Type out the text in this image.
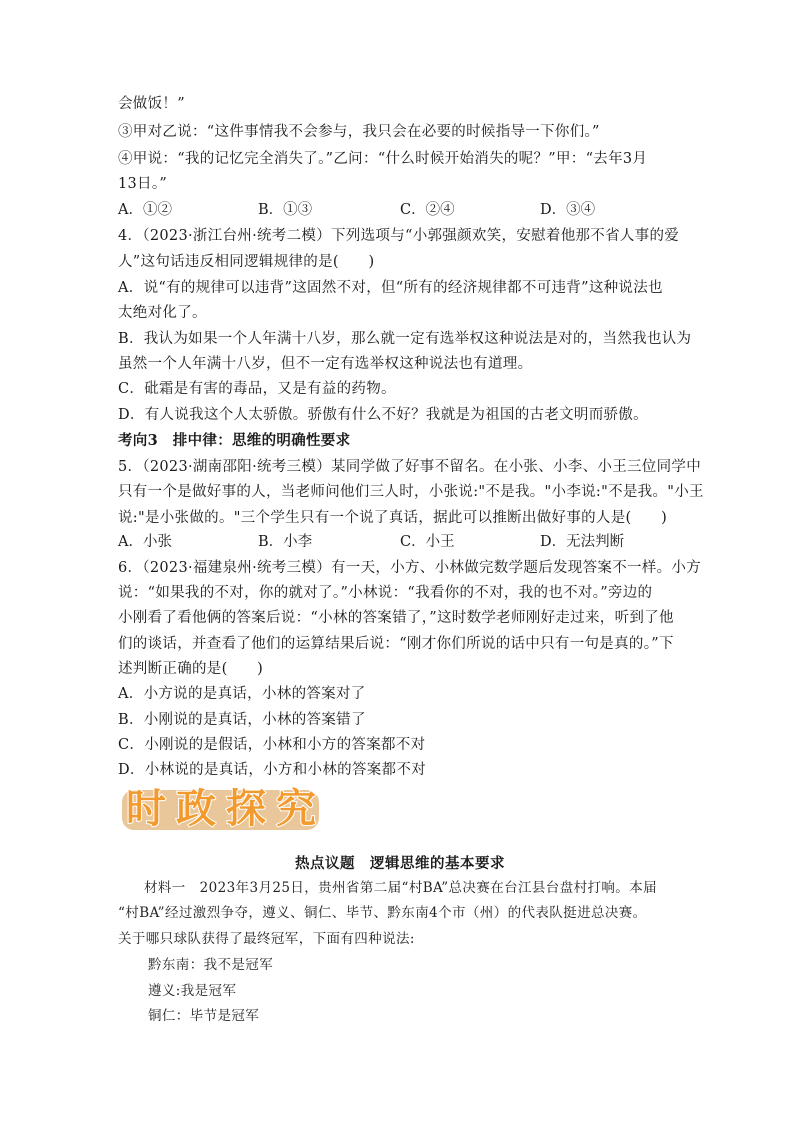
会做饭！”
③甲对乙说：“这件事情我不会参与，我只会在必要的时候指导一下你们。”
④甲说：“我的记忆完全消失了。”乙问：“什么时候开始消失的呢？”甲：“去年3月
13日。”
A．①②	B．①③	C．②④	D．③④
4．（2023·浙江台州·统考二模）下列选项与“小郭强颜欢笑，安慰着他那不省人事的爱
人”这句话违反相同逻辑规律的是(　　)
A．说“有的规律可以违背”这固然不对，但“所有的经济规律都不可违背”这种说法也
太绝对化了。
B．我认为如果一个人年满十八岁，那么就一定有选举权这种说法是对的，当然我也认为
虽然一个人年满十八岁，但不一定有选举权这种说法也有道理。
C．砒霜是有害的毒品，又是有益的药物。
D．有人说我这个人太骄傲。骄傲有什么不好？我就是为祖国的古老文明而骄傲。
考向3　排中律：思维的明确性要求
5．（2023·湖南邵阳·统考三模）某同学做了好事不留名。在小张、小李、小王三位同学中
只有一个是做好事的人，当老师问他们三人时，小张说:"不是我。"小李说:"不是我。"小王
说:"是小张做的。"三个学生只有一个说了真话，据此可以推断出做好事的人是(　　)
A．小张	B．小李	C．小王	D．无法判断
6．（2023·福建泉州·统考三模）有一天，小方、小林做完数学题后发现答案不一样。小方
说：“如果我的不对，你的就对了。”小林说：“我看你的不对，我的也不对。”旁边的
小刚看了看他俩的答案后说：“小林的答案错了，”这时数学老师刚好走过来，听到了他
们的谈话，并查看了他们的运算结果后说：“刚才你们所说的话中只有一句是真的。”下
述判断正确的是(　　)
A．小方说的是真话，小林的答案对了
B．小刚说的是真话，小林的答案错了
C．小刚说的是假话，小林和小方的答案都不对
D．小林说的是真话，小方和小林的答案都不对
时 政 探 究
热点议题　逻辑思维的基本要求
材料一　2023年3月25日，贵州省第二届“村BA”总决赛在台江县台盘村打响。本届
“村BA”经过激烈争夺，遵义、铜仁、毕节、黔东南4个市（州）的代表队挺进总决赛。
关于哪只球队获得了最终冠军，下面有四种说法:
黔东南：我不是冠军
遵义:我是冠军
铜仁：毕节是冠军
